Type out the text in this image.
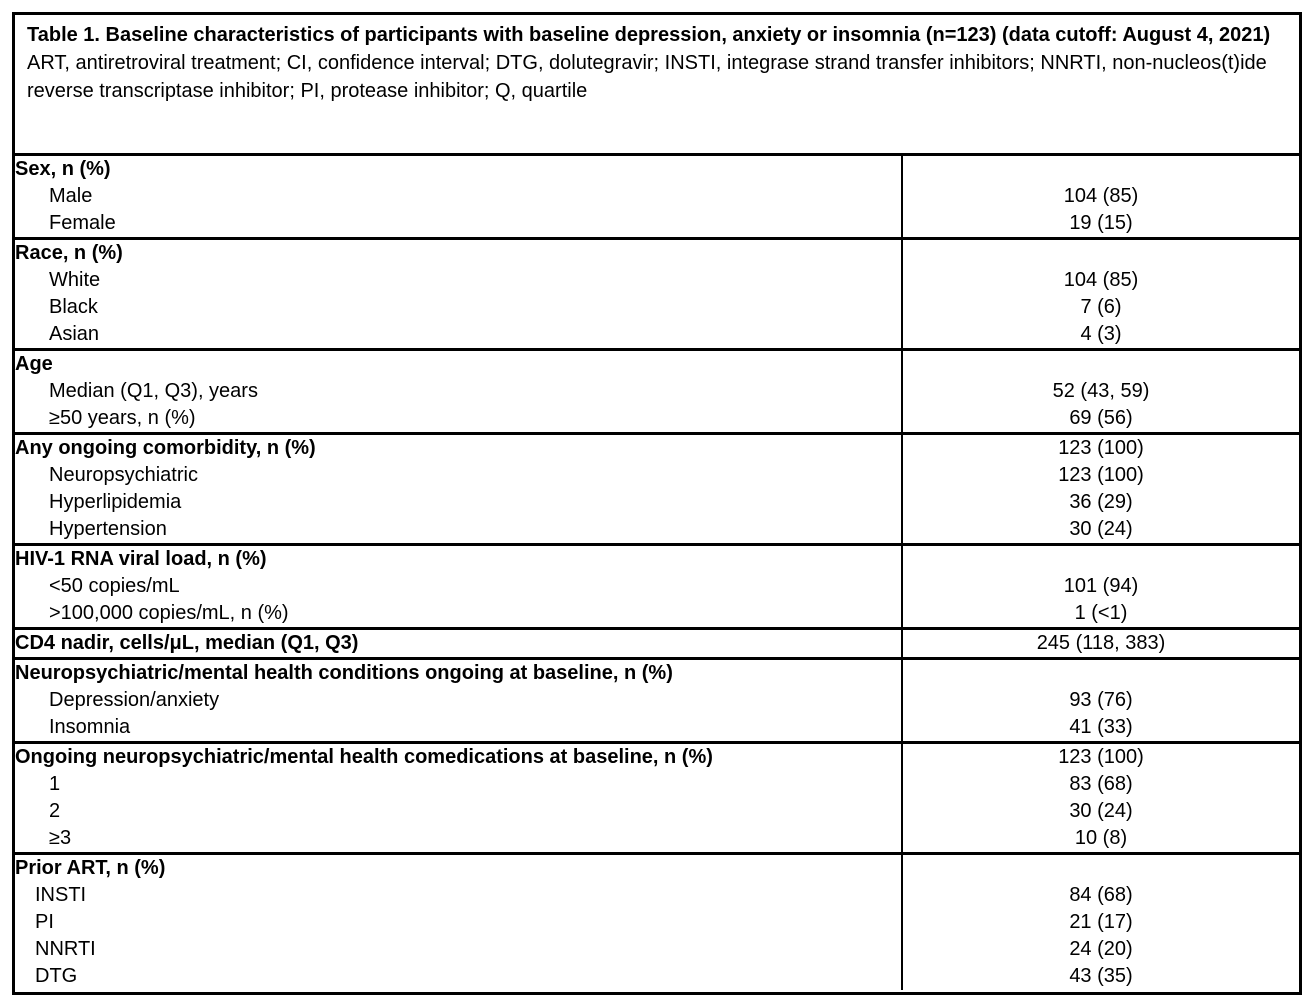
Table 1. Baseline characteristics of participants with baseline depression, anxiety or insomnia (n=123) (data cutoff: August 4, 2021)
ART, antiretroviral treatment; CI, confidence interval; DTG, dolutegravir; INSTI, integrase strand transfer inhibitors; NNRTI, non-nucleos(t)ide reverse transcriptase inhibitor; PI, protease inhibitor; Q, quartile
Sex, n (%)	
Male	104 (85)
Female	19 (15)
Race, n (%)	
White	104 (85)
Black	7 (6)
Asian	4 (3)
Age	
Median (Q1, Q3), years	52 (43, 59)
≥50 years, n (%)	69 (56)
Any ongoing comorbidity, n (%)	123 (100)
Neuropsychiatric	123 (100)
Hyperlipidemia	36 (29)
Hypertension	30 (24)
HIV-1 RNA viral load, n (%)	
<50 copies/mL	101 (94)
>100,000 copies/mL, n (%)	1 (<1)
CD4 nadir, cells/μL, median (Q1, Q3)	245 (118, 383)
Neuropsychiatric/mental health conditions ongoing at baseline, n (%)	
Depression/anxiety	93 (76)
Insomnia	41 (33)
Ongoing neuropsychiatric/mental health comedications at baseline, n (%)	123 (100)
1	83 (68)
2	30 (24)
≥3	10 (8)
Prior ART, n (%)	
INSTI	84 (68)
PI	21 (17)
NNRTI	24 (20)
DTG	43 (35)
